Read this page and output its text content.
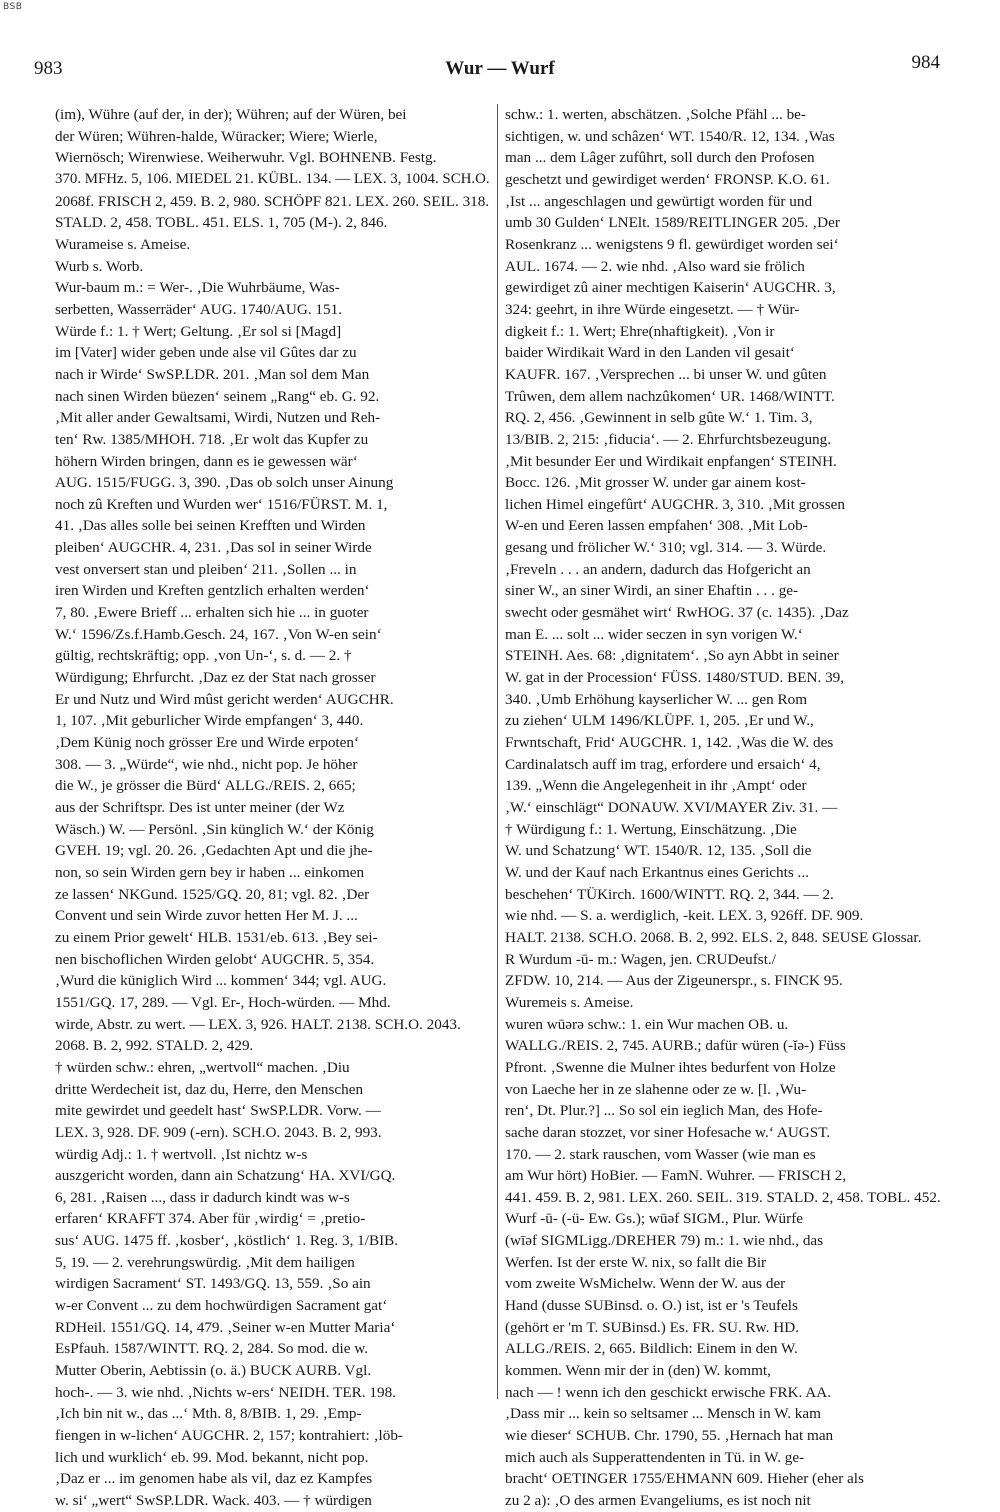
BSB
983	Wur — Wurf	984
(im), Wühre (auf der, in der); Wühren; auf der Würen, bei
der Würen; Wühren-halde, Würacker; Wiere; Wierle,
Wiernösch; Wirenwiese. Weiherwuhr. Vgl. BOHNENB. Festg.
370. MFHz. 5, 106. MIEDEL 21. KÜBL. 134. — LEX. 3, 1004. SCH.O.
2068f. FRISCH 2, 459. B. 2, 980. SCHÖPF 821. LEX. 260. SEIL. 318.
STALD. 2, 458. TOBL. 451. ELS. 1, 705 (M-). 2, 846.
Wurameise s. Ameise.
Wurb s. Worb.
Wur-baum m.: = Wer-. ‚Die Wuhrbäume, Was-
serbetten, Wasserräder‘ AUG. 1740/AUG. 151.
Würde f.: 1. † Wert; Geltung. ‚Er sol si [Magd]
im [Vater] wider geben unde alse vil Gûtes dar zu
nach ir Wirde‘ SwSP.LDR. 201. ‚Man sol dem Man
nach sinen Wirden büezen‘ seinem „Rang“ eb. G. 92.
‚Mit aller ander Gewaltsami, Wirdi, Nutzen und Reh-
ten‘ Rw. 1385/MHOH. 718. ‚Er wolt das Kupfer zu
höhern Wirden bringen, dann es ie gewessen wär‘
AUG. 1515/FUGG. 3, 390. ‚Das ob solch unser Ainung
noch zû Kreften und Wurden wer‘ 1516/FÜRST. M. 1,
41. ‚Das alles solle bei seinen Krefften und Wirden
pleiben‘ AUGCHR. 4, 231. ‚Das sol in seiner Wirde
vest onversert stan und pleiben‘ 211. ‚Sollen ... in
iren Wirden und Kreften gentzlich erhalten werden‘
7, 80. ‚Ewere Brieff ... erhalten sich hie ... in guoter
W.‘ 1596/Zs.f.Hamb.Gesch. 24, 167. ‚Von W-en sein‘
gültig, rechtskräftig; opp. ‚von Un-‘, s. d. — 2. †
Würdigung; Ehrfurcht. ‚Daz ez der Stat nach grosser
Er und Nutz und Wird mûst gericht werden‘ AUGCHR.
1, 107. ‚Mit geburlicher Wirde empfangen‘ 3, 440.
‚Dem Künig noch grösser Ere und Wirde erpoten‘
308. — 3. „Würde“, wie nhd., nicht pop. Je höher
die W., je grösser die Bürd‘ ALLG./REIS. 2, 665;
aus der Schriftspr. Des ist unter meiner (der Wz
Wäsch.) W. — Persönl. ‚Sin künglich W.‘ der König
GVEH. 19; vgl. 20. 26. ‚Gedachten Apt und die jhe-
non, so sein Wirden gern bey ir haben ... einkomen
ze lassen‘ NKGund. 1525/GQ. 20, 81; vgl. 82. ‚Der
Convent und sein Wirde zuvor hetten Her M. J. ...
zu einem Prior gewelt‘ HLB. 1531/eb. 613. ‚Bey sei-
nen bischoflichen Wirden gelobt‘ AUGCHR. 5, 354.
‚Wurd die küniglich Wird ... kommen‘ 344; vgl. AUG.
1551/GQ. 17, 289. — Vgl. Er-, Hoch-würden. — Mhd.
wirde, Abstr. zu wert. — LEX. 3, 926. HALT. 2138. SCH.O. 2043.
2068. B. 2, 992. STALD. 2, 429.
† würden schw.: ehren, „wertvoll“ machen. ‚Diu
dritte Werdecheit ist, daz du, Herre, den Menschen
mite gewirdet und geedelt hast‘ SwSP.LDR. Vorw. —
LEX. 3, 928. DF. 909 (-ern). SCH.O. 2043. B. 2, 993.
würdig Adj.: 1. † wertvoll. ‚Ist nichtz w-s
auszgericht worden, dann ain Schatzung‘ HA. XVI/GQ.
6, 281. ‚Raisen ..., dass ir dadurch kindt was w-s
erfaren‘ KRAFFT 374. Aber für ‚wirdig‘ = ‚pretio-
sus‘ AUG. 1475 ff. ‚kosber‘, ‚köstlich‘ 1. Reg. 3, 1/BIB.
5, 19. — 2. verehrungswürdig. ‚Mit dem hailigen
wirdigen Sacrament‘ ST. 1493/GQ. 13, 559. ‚So ain
w-er Convent ... zu dem hochwürdigen Sacrament gat‘
RDHeil. 1551/GQ. 14, 479. ‚Seiner w-en Mutter Maria‘
EsPfauh. 1587/WINTT. RQ. 2, 284. So mod. die w.
Mutter Oberin, Aebtissin (o. ä.) BUCK AURB. Vgl.
hoch-. — 3. wie nhd. ‚Nichts w-ers‘ NEIDH. TER. 198.
‚Ich bin nit w., das ...‘ Mth. 8, 8/BIB. 1, 29. ‚Emp-
fiengen in w-lichen‘ AUGCHR. 2, 157; kontrahiert: ‚löb-
lich und wurklich‘ eb. 99. Mod. bekannt, nicht pop.
‚Daz er ... im genomen habe als vil, daz ez Kampfes
w. si‘ „wert“ SwSP.LDR. Wack. 403. — † würdigen
schw.: 1. werten, abschätzen. ‚Solche Pfähl ... be-
sichtigen, w. und schâzen‘ WT. 1540/R. 12, 134. ‚Was
man ... dem Lâger zufûhrt, soll durch den Profosen
geschetzt und gewirdiget werden‘ FRONSP. K.O. 61.
‚Ist ... angeschlagen und gewürtigt worden für und
umb 30 Gulden‘ LNElt. 1589/REITLINGER 205. ‚Der
Rosenkranz ... wenigstens 9 fl. gewürdiget worden sei‘
AUL. 1674. — 2. wie nhd. ‚Also ward sie frölich
gewirdiget zû ainer mechtigen Kaiserin‘ AUGCHR. 3,
324: geehrt, in ihre Würde eingesetzt. — † Wür-
digkeit f.: 1. Wert; Ehre(nhaftigkeit). ‚Von ir
baider Wirdikait Ward in den Landen vil gesait‘
KAUFR. 167. ‚Versprechen ... bi unser W. und gûten
Trûwen, dem allem nachzûkomen‘ UR. 1468/WINTT.
RQ. 2, 456. ‚Gewinnent in selb gûte W.‘ 1. Tim. 3,
13/BIB. 2, 215: ‚fiducia‘. — 2. Ehrfurchtsbezeugung.
‚Mit besunder Eer und Wirdikait enpfangen‘ STEINH.
Bocc. 126. ‚Mit grosser W. under gar ainem kost-
lichen Himel eingefûrt‘ AUGCHR. 3, 310. ‚Mit grossen
W-en und Eeren lassen empfahen‘ 308. ‚Mit Lob-
gesang und frölicher W.‘ 310; vgl. 314. — 3. Würde.
‚Freveln . . . an andern, dadurch das Hofgericht an
siner W., an siner Wirdi, an siner Ehaftin . . . ge-
swecht oder gesmähet wirt‘ RwHOG. 37 (c. 1435). ‚Daz
man E. ... solt ... wider seczen in syn vorigen W.‘
STEINH. Aes. 68: ‚dignitatem‘. ‚So ayn Abbt in seiner
W. gat in der Procession‘ FÜSS. 1480/STUD. BEN. 39,
340. ‚Umb Erhöhung kayserlicher W. ... gen Rom
zu ziehen‘ ULM 1496/KLÜPF. 1, 205. ‚Er und W.,
Frwntschaft, Frid‘ AUGCHR. 1, 142. ‚Was die W. des
Cardinalatsch auff im trag, erfordere und ersaich‘ 4,
139. „Wenn die Angelegenheit in ihr ‚Ampt‘ oder
‚W.‘ einschlägt“ DONAUW. XVI/MAYER Ziv. 31. —
† Würdigung f.: 1. Wertung, Einschätzung. ‚Die
W. und Schatzung‘ WT. 1540/R. 12, 135. ‚Soll die
W. und der Kauf nach Erkantnus eines Gerichts ...
beschehen‘ TÜKirch. 1600/WINTT. RQ. 2, 344. — 2.
wie nhd. — S. a. werdiglich, -keit. LEX. 3, 926ff. DF. 909.
HALT. 2138. SCH.O. 2068. B. 2, 992. ELS. 2, 848. SEUSE Glossar.
R Wurdum -ū- m.: Wagen, jen. CRUDeufst./
ZFDW. 10, 214. — Aus der Zigeunerspr., s. FINCK 95.
Wuremeis s. Ameise.
wuren wūərə schw.: 1. ein Wur machen OB. u.
WALLG./REIS. 2, 745. AURB.; dafür würen (-ĭə-) Füss
Pfront. ‚Swenne die Mulner ihtes bedurfent von Holze
von Laeche her in ze slahenne oder ze w. [l. ‚Wu-
ren‘, Dt. Plur.?] ... So sol ein ieglich Man, des Hofe-
sache daran stozzet, vor siner Hofesache w.‘ AUGST.
170. — 2. stark rauschen, vom Wasser (wie man es
am Wur hört) HoBier. — FamN. Wuhrer. — FRISCH 2,
441. 459. B. 2, 981. LEX. 260. SEIL. 319. STALD. 2, 458. TOBL. 452.
Wurf -ū- (-ü- Ew. Gs.); wūəf SIGM., Plur. Würfe
(wīəf SIGMLigg./DREHER 79) m.: 1. wie nhd., das
Werfen. Ist der erste W. nix, so fallt die Bir
vom zweite WsMichelw. Wenn der W. aus der
Hand (dusse SUBinsd. o. O.) ist, ist er 's Teufels
(gehört er 'm T. SUBinsd.) Es. FR. SU. Rw. HD.
ALLG./REIS. 2, 665. Bildlich: Einem in den W.
kommen. Wenn mir der in (den) W. kommt,
nach — ! wenn ich den geschickt erwische FRK. AA.
‚Dass mir ... kein so seltsamer ... Mensch in W. kam
wie dieser‘ SCHUB. Chr. 1790, 55. ‚Hernach hat man
mich auch als Supperattendenten in Tü. in W. ge-
bracht‘ OETINGER 1755/EHMANN 609. Hieher (eher als
zu 2 a): ‚O des armen Evangeliums, es ist noch nit
